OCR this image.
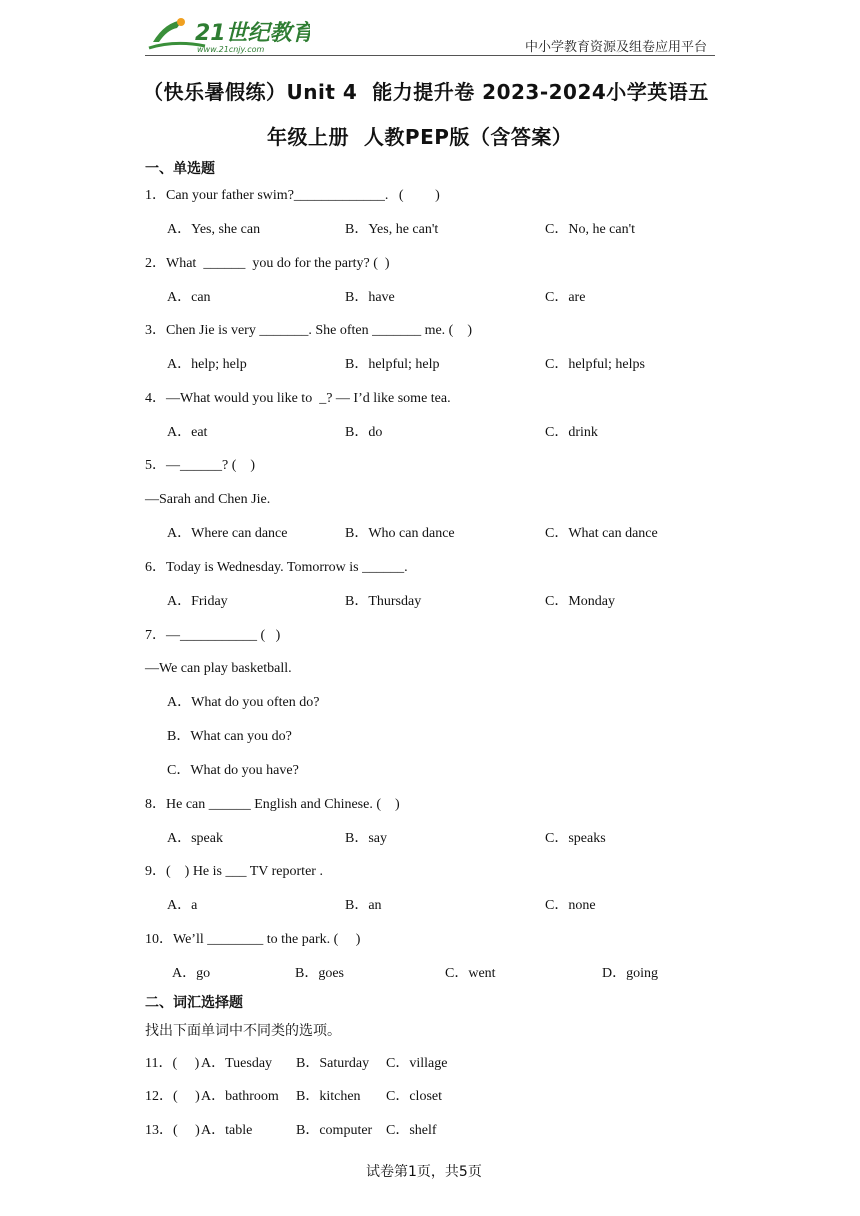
21世纪教育
www.21cnjy.com	中小学教育资源及组卷应用平台
（快乐暑假练）Unit 4  能力提升卷 2023-2024小学英语五
年级上册  人教PEP版（含答案）
一、单选题
1．Can your father swim?_____________.   (         )
A．Yes, she can	B．Yes, he can't	C．No, he can't
2．What  ______  you do for the party? (  )
A．can	B．have	C．are
3．Chen Jie is very _______. She often _______ me. (    )
A．help; help	B．helpful; help	C．helpful; helps
4．—What would you like to  _? — I’d like some tea.
A．eat	B．do	C．drink
5．—______? (    )
—Sarah and Chen Jie.
A．Where can dance	B．Who can dance	C．What can dance
6．Today is Wednesday. Tomorrow is ______.
A．Friday	B．Thursday	C．Monday
7．—___________ (   )
—We can play basketball.
A．What do you often do?
B．What can you do?
C．What do you have?
8．He can ______ English and Chinese. (    )
A．speak	B．say	C．speaks
9．(    ) He is ___ TV reporter .
A．a	B．an	C．none
10．We’ll ________ to the park. (     )
A．go	B．goes	C．went	D．going
二、词汇选择题
找出下面单词中不同类的选项。
11．(     ) A．Tuesday B．Saturday C．village
12．(     ) A．bathroom B．kitchen C．closet
13．(     ) A．table	B．computer C．shelf
试卷第1页，共5页
